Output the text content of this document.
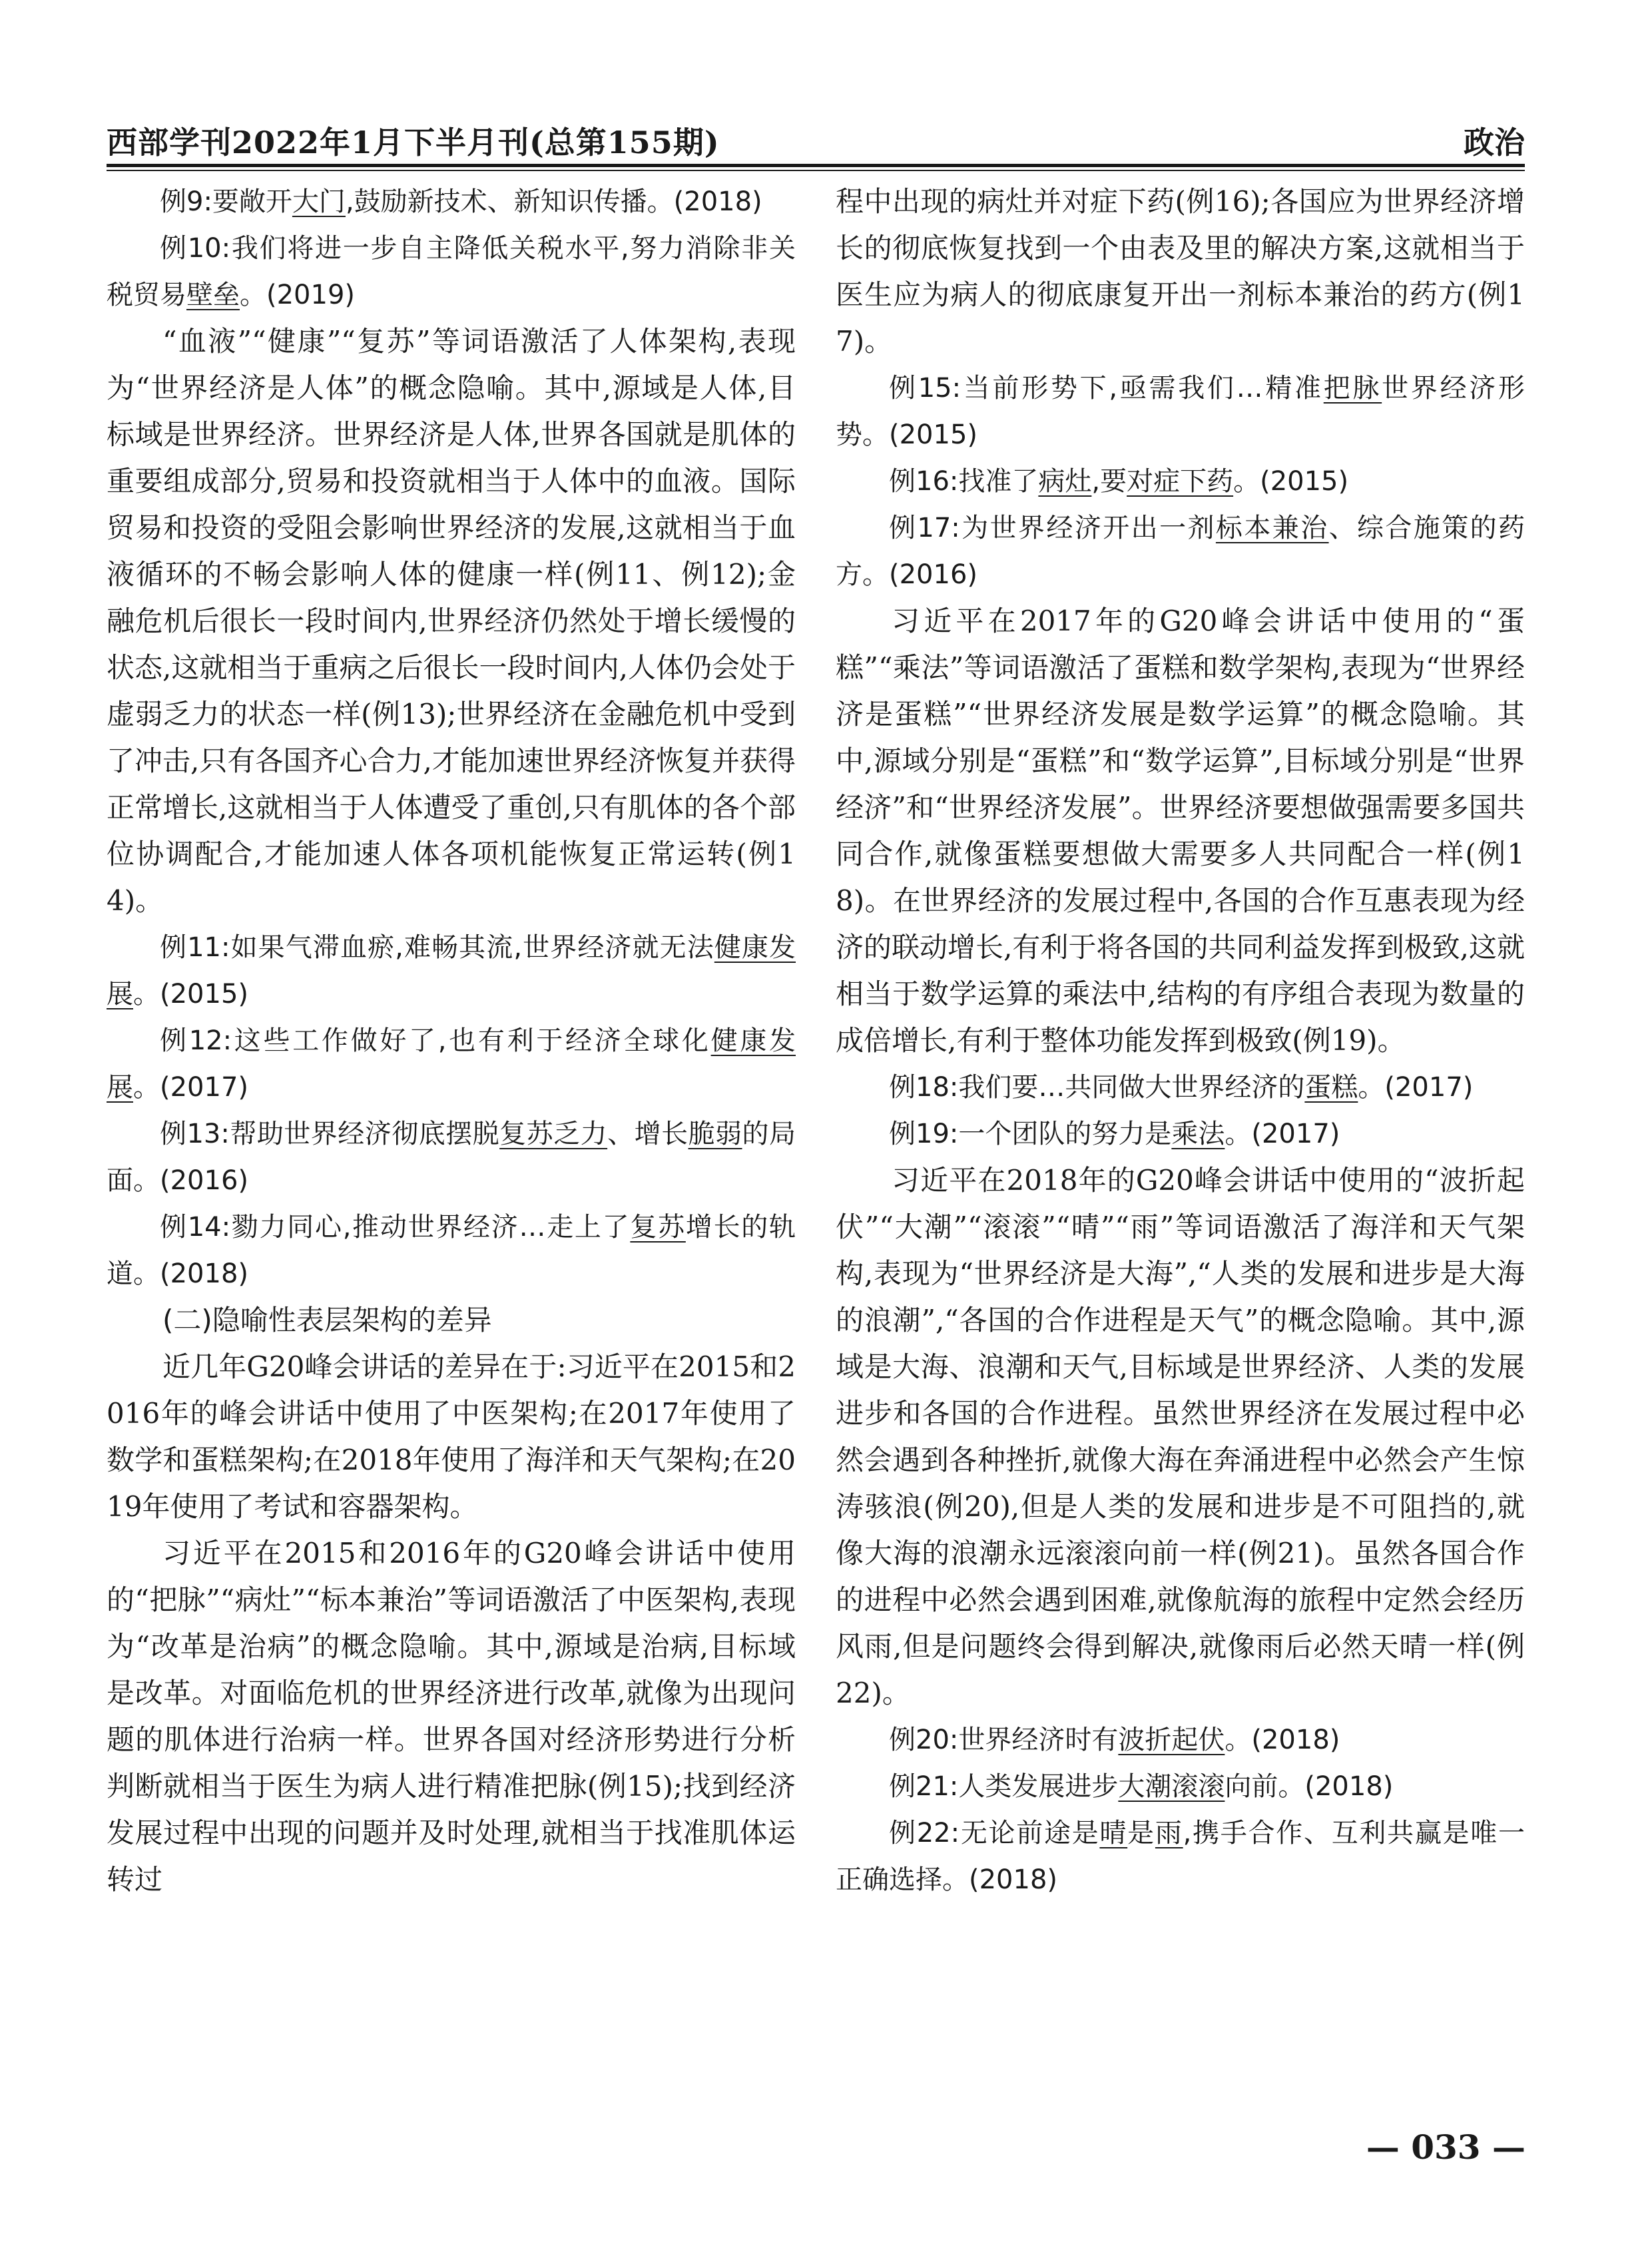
西部学刊2022年1月下半月刊(总第155期)	政治

例9:要敞开大门,鼓励新技术、新知识传播。(2018)

例10:我们将进一步自主降低关税水平,努力消除非关税贸易壁垒。(2019)

“血液”“健康”“复苏”等词语激活了人体架构,表现为“世界经济是人体”的概念隐喻。其中,源域是人体,目标域是世界经济。世界经济是人体,世界各国就是肌体的重要组成部分,贸易和投资就相当于人体中的血液。国际贸易和投资的受阻会影响世界经济的发展,这就相当于血液循环的不畅会影响人体的健康一样(例11、例12);金融危机后很长一段时间内,世界经济仍然处于增长缓慢的状态,这就相当于重病之后很长一段时间内,人体仍会处于虚弱乏力的状态一样(例13);世界经济在金融危机中受到了冲击,只有各国齐心合力,才能加速世界经济恢复并获得正常增长,这就相当于人体遭受了重创,只有肌体的各个部位协调配合,才能加速人体各项机能恢复正常运转(例14)。

例11:如果气滞血瘀,难畅其流,世界经济就无法健康发展。(2015)

例12:这些工作做好了,也有利于经济全球化健康发展。(2017)

例13:帮助世界经济彻底摆脱复苏乏力、增长脆弱的局面。(2016)

例14:勠力同心,推动世界经济…走上了复苏增长的轨道。(2018)

(二)隐喻性表层架构的差异

近几年G20峰会讲话的差异在于:习近平在2015和2016年的峰会讲话中使用了中医架构;在2017年使用了数学和蛋糕架构;在2018年使用了海洋和天气架构;在2019年使用了考试和容器架构。

习近平在2015和2016年的G20峰会讲话中使用的“把脉”“病灶”“标本兼治”等词语激活了中医架构,表现为“改革是治病”的概念隐喻。其中,源域是治病,目标域是改革。对面临危机的世界经济进行改革,就像为出现问题的肌体进行治病一样。世界各国对经济形势进行分析判断就相当于医生为病人进行精准把脉(例15);找到经济发展过程中出现的问题并及时处理,就相当于找准肌体运转过

程中出现的病灶并对症下药(例16);各国应为世界经济增长的彻底恢复找到一个由表及里的解决方案,这就相当于医生应为病人的彻底康复开出一剂标本兼治的药方(例17)。

例15:当前形势下,亟需我们…精准把脉世界经济形势。(2015)

例16:找准了病灶,要对症下药。(2015)

例17:为世界经济开出一剂标本兼治、综合施策的药方。(2016)

习近平在2017年的G20峰会讲话中使用的“蛋糕”“乘法”等词语激活了蛋糕和数学架构,表现为“世界经济是蛋糕”“世界经济发展是数学运算”的概念隐喻。其中,源域分别是“蛋糕”和“数学运算”,目标域分别是“世界经济”和“世界经济发展”。世界经济要想做强需要多国共同合作,就像蛋糕要想做大需要多人共同配合一样(例18)。在世界经济的发展过程中,各国的合作互惠表现为经济的联动增长,有利于将各国的共同利益发挥到极致,这就相当于数学运算的乘法中,结构的有序组合表现为数量的成倍增长,有利于整体功能发挥到极致(例19)。

例18:我们要…共同做大世界经济的蛋糕。(2017)

例19:一个团队的努力是乘法。(2017)

习近平在2018年的G20峰会讲话中使用的“波折起伏”“大潮”“滚滚”“晴”“雨”等词语激活了海洋和天气架构,表现为“世界经济是大海”,“人类的发展和进步是大海的浪潮”,“各国的合作进程是天气”的概念隐喻。其中,源域是大海、浪潮和天气,目标域是世界经济、人类的发展进步和各国的合作进程。虽然世界经济在发展过程中必然会遇到各种挫折,就像大海在奔涌进程中必然会产生惊涛骇浪(例20),但是人类的发展和进步是不可阻挡的,就像大海的浪潮永远滚滚向前一样(例21)。虽然各国合作的进程中必然会遇到困难,就像航海的旅程中定然会经历风雨,但是问题终会得到解决,就像雨后必然天晴一样(例22)。

例20:世界经济时有波折起伏。(2018)

例21:人类发展进步大潮滚滚向前。(2018)

例22:无论前途是晴是雨,携手合作、互利共赢是唯一正确选择。(2018)

— 033 —
